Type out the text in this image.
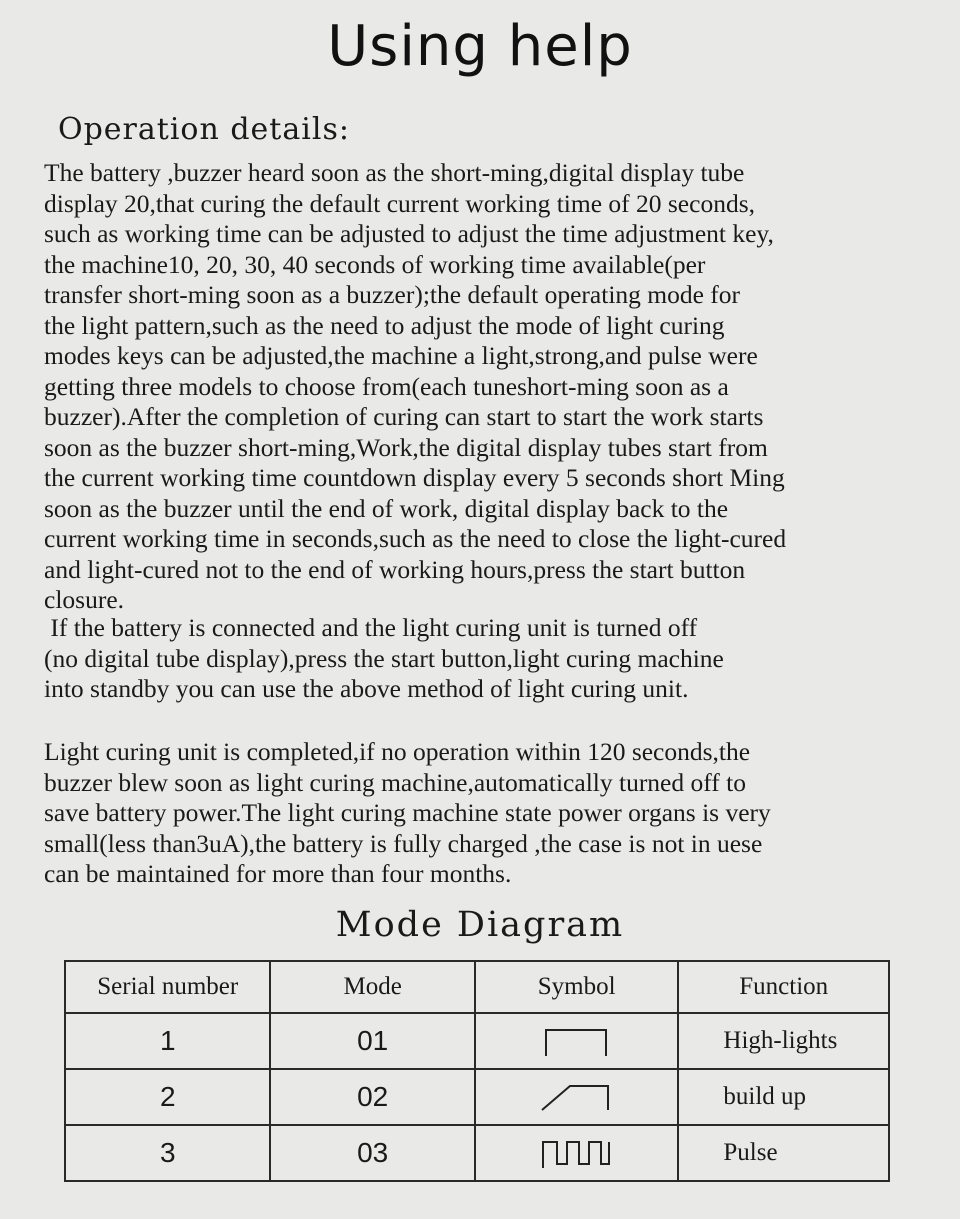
Using help
Operation details:
The battery ,buzzer heard soon as the short-ming,digital display tube
display 20,that curing the default current working time of 20 seconds,
such as working time can be adjusted to adjust the time adjustment key,
the machine10, 20, 30, 40 seconds of working time available(per
transfer short-ming soon as a buzzer);the default operating mode for
the light pattern,such as the need to adjust the mode of light curing
modes keys can be adjusted,the machine a light,strong,and pulse were
getting three models to choose from(each tuneshort-ming soon as a
buzzer).After the completion of curing can start to start the work starts
soon as the buzzer short-ming,Work,the digital display tubes start from
the current working time countdown display every 5 seconds short Ming
soon as the buzzer until the end of work, digital display back to the
current working time in seconds,such as the need to close the light-cured
and light-cured not to the end of working hours,press the start button
closure.
If the battery is connected and the light curing unit is turned off
(no digital tube display),press the start button,light curing machine
into standby you can use the above method of light curing unit.
Light curing unit is completed,if no operation within 120 seconds,the
buzzer blew soon as light curing machine,automatically turned off to
save battery power.The light curing machine state power organs is very
small(less than3uA),the battery is fully charged ,the case is not in uese
can be maintained for more than four months.
Mode Diagram
Serial number	Mode	Symbol	Function
1	01		High-lights
2	02		build up
3	03		Pulse
